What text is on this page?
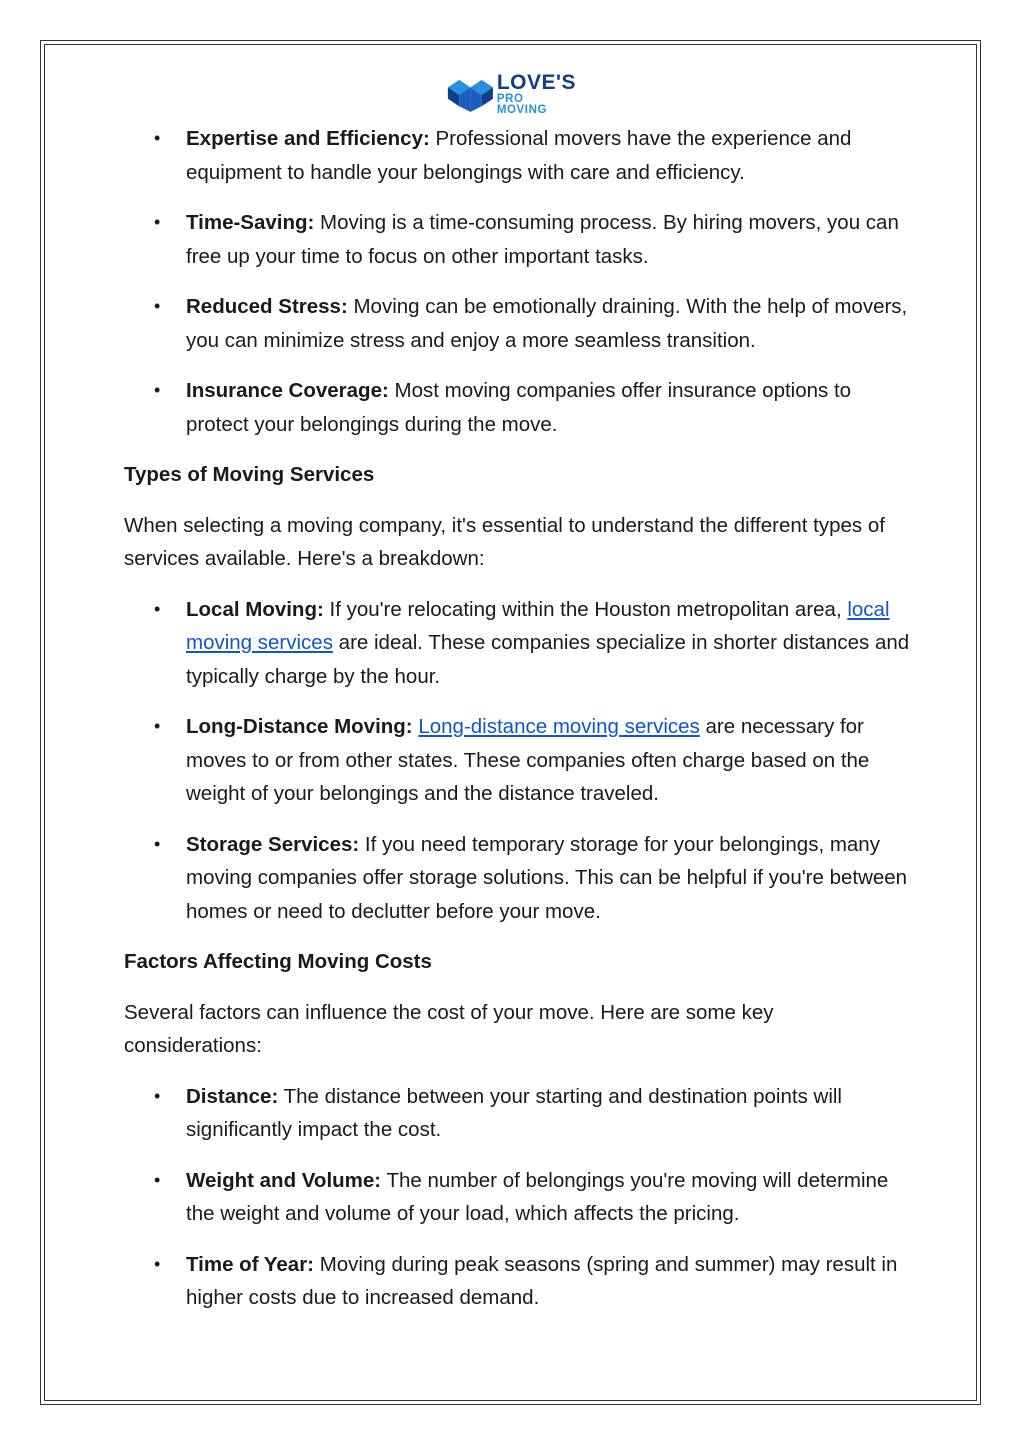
LOVE'S
PRO MOVING
• Expertise and Efficiency: Professional movers have the experience and equipment to handle your belongings with care and efficiency.
• Time-Saving: Moving is a time-consuming process. By hiring movers, you can free up your time to focus on other important tasks.
• Reduced Stress: Moving can be emotionally draining. With the help of movers, you can minimize stress and enjoy a more seamless transition.
• Insurance Coverage: Most moving companies offer insurance options to protect your belongings during the move.

Types of Moving Services

When selecting a moving company, it's essential to understand the different types of services available. Here's a breakdown:

• Local Moving: If you're relocating within the Houston metropolitan area, local moving services are ideal. These companies specialize in shorter distances and typically charge by the hour.
• Long-Distance Moving: Long-distance moving services are necessary for moves to or from other states. These companies often charge based on the weight of your belongings and the distance traveled.
• Storage Services: If you need temporary storage for your belongings, many moving companies offer storage solutions. This can be helpful if you're between homes or need to declutter before your move.

Factors Affecting Moving Costs

Several factors can influence the cost of your move. Here are some key considerations:

• Distance: The distance between your starting and destination points will significantly impact the cost.
• Weight and Volume: The number of belongings you're moving will determine the weight and volume of your load, which affects the pricing.
• Time of Year: Moving during peak seasons (spring and summer) may result in higher costs due to increased demand.
